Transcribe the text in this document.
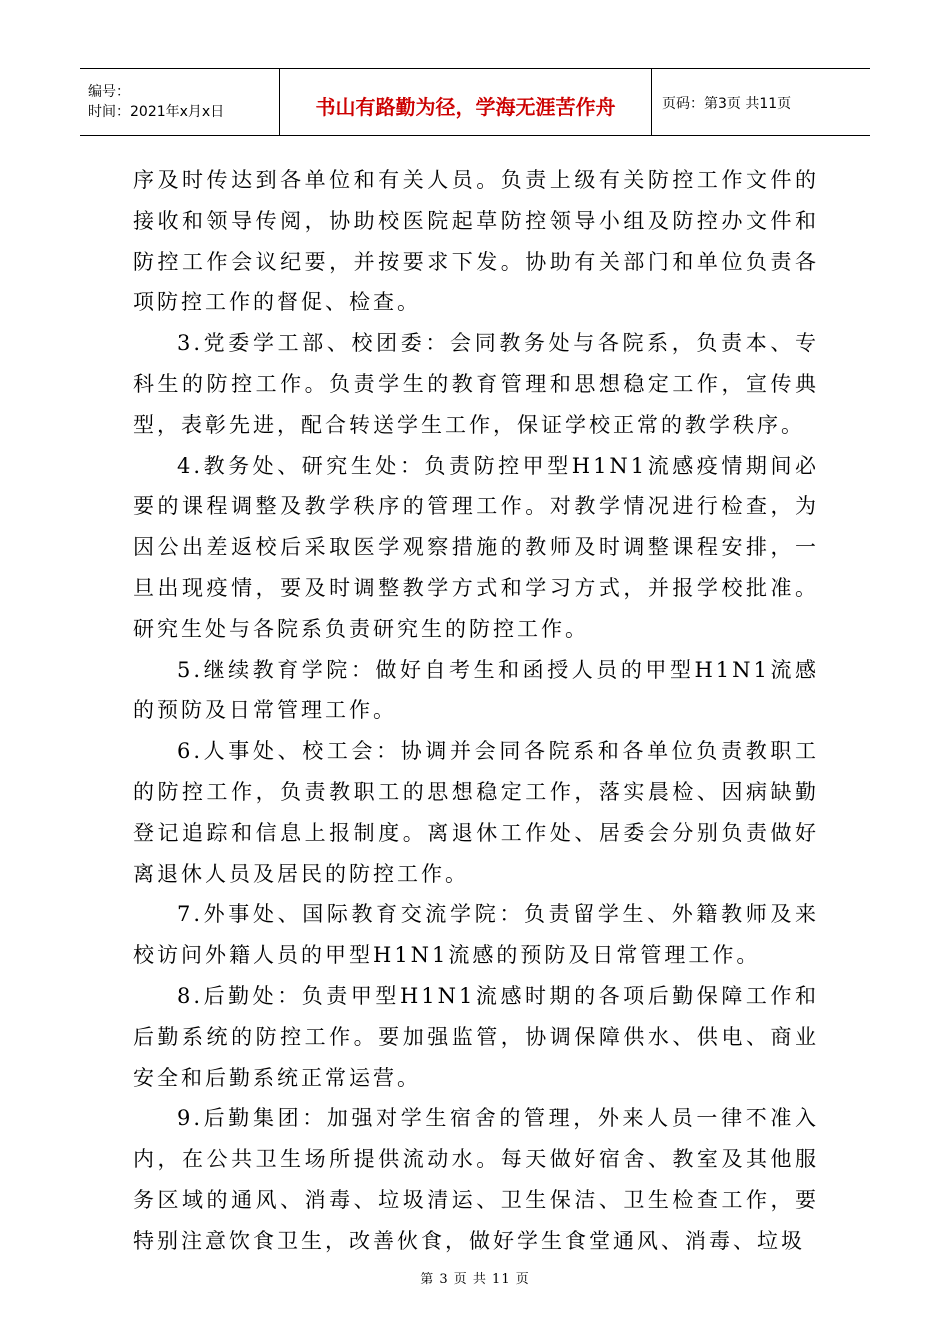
编号：
时间：2021年x月x日	书山有路勤为径，学海无涯苦作舟	页码：第3页 共11页

序及时传达到各单位和有关人员。负责上级有关防控工作文件的接收和领导传阅，协助校医院起草防控领导小组及防控办文件和防控工作会议纪要，并按要求下发。协助有关部门和单位负责各项防控工作的督促、检查。

3.党委学工部、校团委：会同教务处与各院系，负责本、专科生的防控工作。负责学生的教育管理和思想稳定工作，宣传典型，表彰先进，配合转送学生工作，保证学校正常的教学秩序。

4.教务处、研究生处：负责防控甲型H1N1流感疫情期间必要的课程调整及教学秩序的管理工作。对教学情况进行检查，为因公出差返校后采取医学观察措施的教师及时调整课程安排，一旦出现疫情，要及时调整教学方式和学习方式，并报学校批准。研究生处与各院系负责研究生的防控工作。

5.继续教育学院：做好自考生和函授人员的甲型H1N1流感的预防及日常管理工作。

6.人事处、校工会：协调并会同各院系和各单位负责教职工的防控工作，负责教职工的思想稳定工作，落实晨检、因病缺勤登记追踪和信息上报制度。离退休工作处、居委会分别负责做好离退休人员及居民的防控工作。

7.外事处、国际教育交流学院：负责留学生、外籍教师及来校访问外籍人员的甲型H1N1流感的预防及日常管理工作。

8.后勤处：负责甲型H1N1流感时期的各项后勤保障工作和后勤系统的防控工作。要加强监管，协调保障供水、供电、商业安全和后勤系统正常运营。

9.后勤集团：加强对学生宿舍的管理，外来人员一律不准入内，在公共卫生场所提供流动水。每天做好宿舍、教室及其他服务区域的通风、消毒、垃圾清运、卫生保洁、卫生检查工作，要特别注意饮食卫生，改善伙食，做好学生食堂通风、消毒、垃圾

第 3 页 共 11 页
